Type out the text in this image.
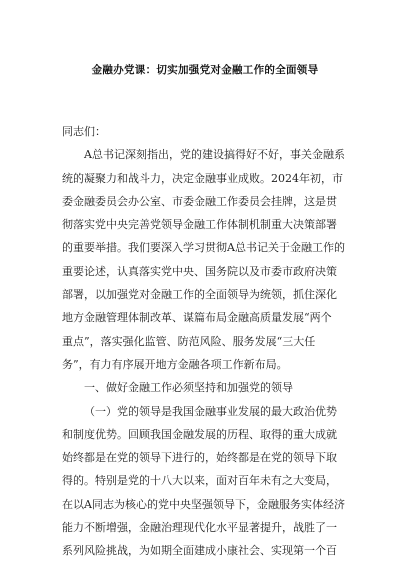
金融办党课：切实加强党对金融工作的全面领导
同志们：
A总书记深刻指出，党的建设搞得好不好，事关金融系
统的凝聚力和战斗力，决定金融事业成败。2024年初，市
委金融委员会办公室、市委金融工作委员会挂牌，这是贯
彻落实党中央完善党领导金融工作体制机制重大决策部署
的重要举措。我们要深入学习贯彻A总书记关于金融工作的
重要论述，认真落实党中央、国务院以及市委市政府决策
部署，以加强党对金融工作的全面领导为统领，抓住深化
地方金融管理体制改革、谋篇布局金融高质量发展“两个
重点”，落实强化监管、防范风险、服务发展“三大任
务”，有力有序展开地方金融各项工作新布局。
一、做好金融工作必须坚持和加强党的领导
（一）党的领导是我国金融事业发展的最大政治优势
和制度优势。回顾我国金融发展的历程、取得的重大成就
始终都是在党的领导下进行的，始终都是在党的领导下取
得的。特别是党的十八大以来，面对百年未有之大变局，
在以A同志为核心的党中央坚强领导下，金融服务实体经济
能力不断增强，金融治理现代化水平显著提升，战胜了一
系列风险挑战，为如期全面建成小康社会、实现第一个百
